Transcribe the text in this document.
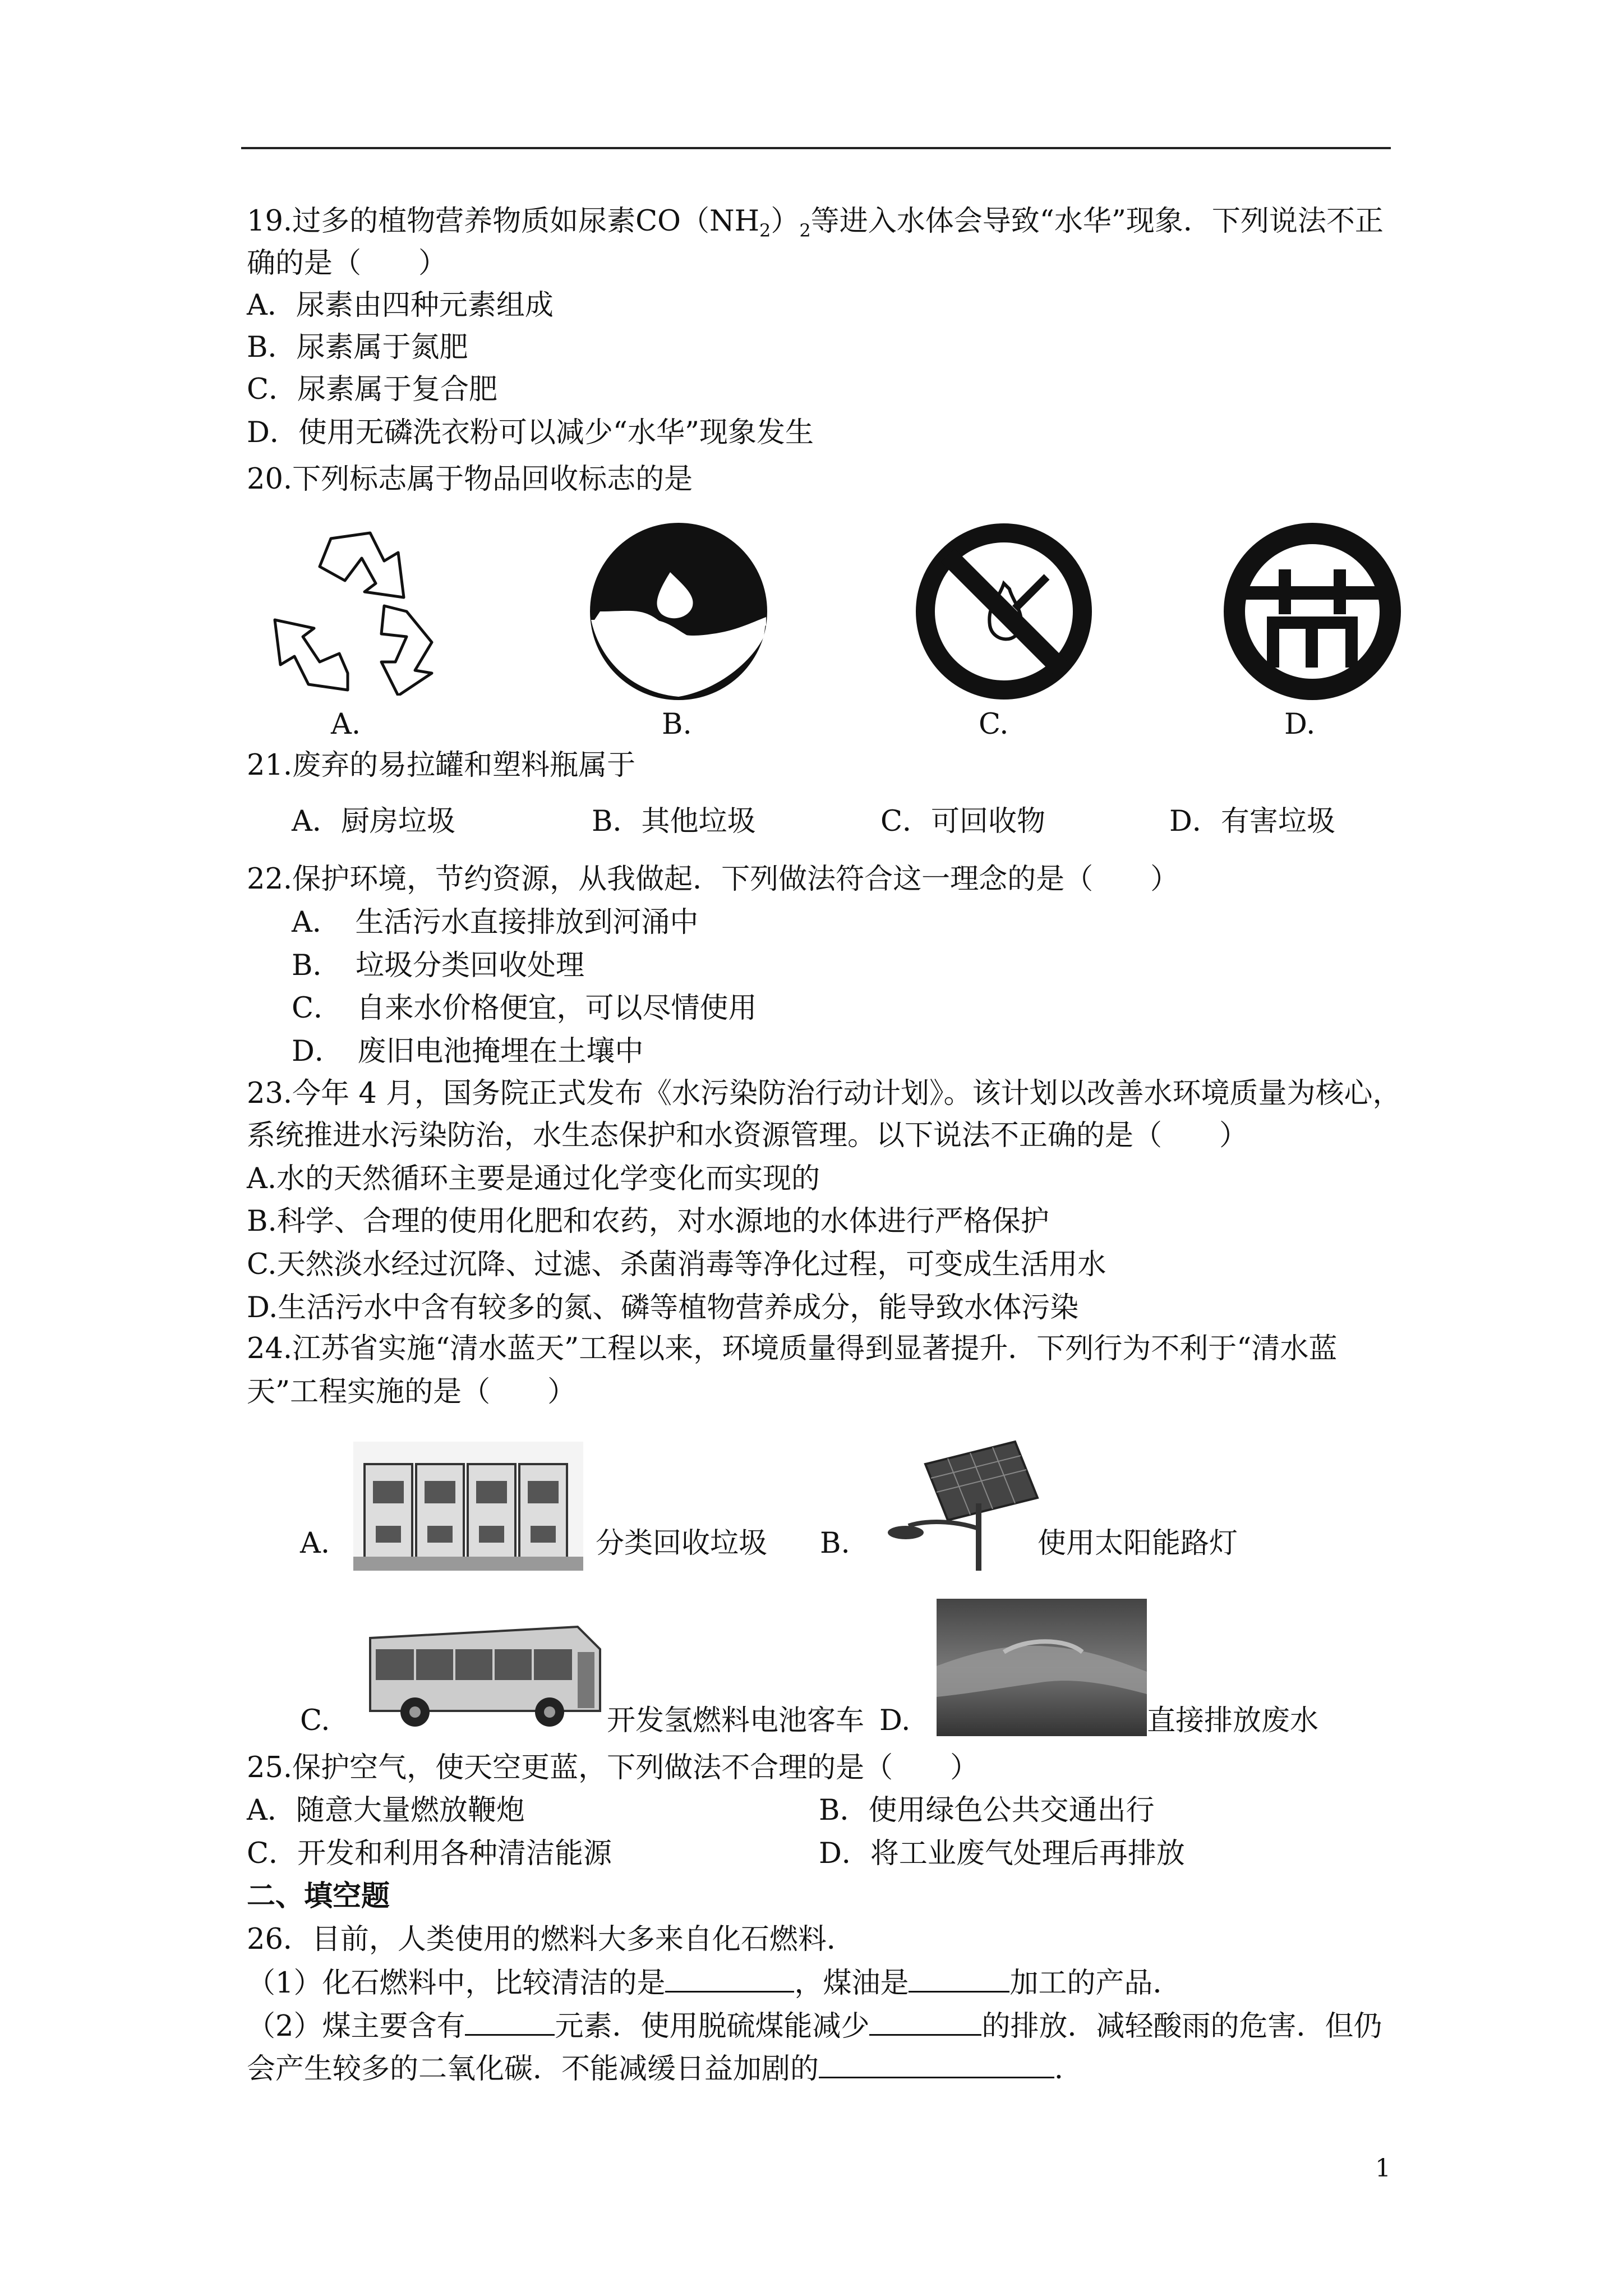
19.过多的植物营养物质如尿素$CO(NH_2)_2$等进入水体会导致“水华”现象．下列说法不正
确的是（　　）
A．尿素由四种元素组成
B．尿素属于氮肥
C．尿素属于复合肥
D．使用无磷洗衣粉可以减少“水华”现象发生
20.下列标志属于物品回收标志的是
A.	B.	C.	D.
21.废弃的易拉罐和塑料瓶属于
A．厨房垃圾	B．其他垃圾	C．可回收物	D．有害垃圾
22.保护环境，节约资源，从我做起．下列做法符合这一理念的是（　　）
A．　生活污水直接排放到河涌中
B．　垃圾分类回收处理
C．　自来水价格便宜，可以尽情使用
D．　废旧电池掩埋在土壤中
23.今年 4 月，国务院正式发布《水污染防治行动计划》。该计划以改善水环境质量为核心，
系统推进水污染防治，水生态保护和水资源管理。以下说法不正确的是（　　）
A.水的天然循环主要是通过化学变化而实现的
B.科学、合理的使用化肥和农药，对水源地的水体进行严格保护
C.天然淡水经过沉降、过滤、杀菌消毒等净化过程，可变成生活用水
D.生活污水中含有较多的氮、磷等植物营养成分，能导致水体污染
24.江苏省实施“清水蓝天”工程以来，环境质量得到显著提升．下列行为不利于“清水蓝
天”工程实施的是（　　）
A.	分类回收垃圾 B.	使用太阳能路灯
C.	开发氢燃料电池客车 D.	直接排放废水
25.保护空气，使天空更蓝，下列做法不合理的是（　　）
A．随意大量燃放鞭炮	B．使用绿色公共交通出行
C．开发和利用各种清洁能源	D．将工业废气处理后再排放
二、填空题
26．目前，人类使用的燃料大多来自化石燃料．
（1）化石燃料中，比较清洁的是	，煤油是	加工的产品．
（2）煤主要含有	元素．使用脱硫煤能减少	的排放．减轻酸雨的危害．但仍
会产生较多的二氧化碳．不能减缓日益加剧的	．
1
